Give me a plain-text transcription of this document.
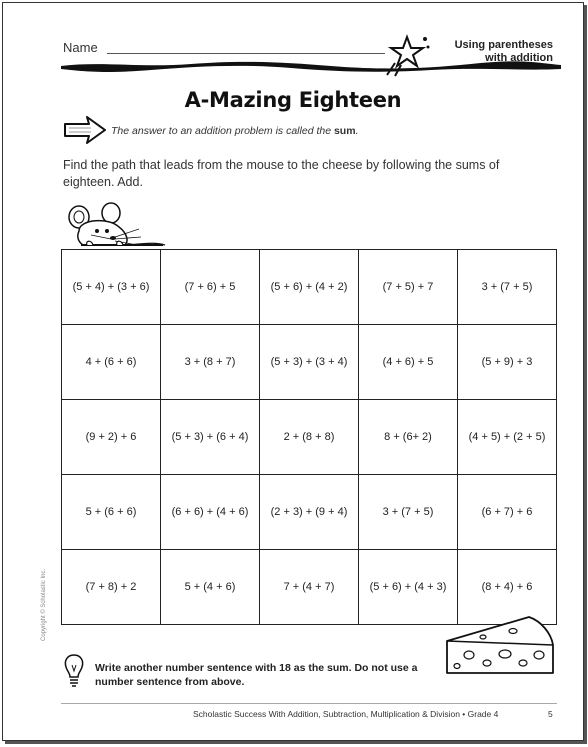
Name	Using parentheses
with addition
A-Mazing Eighteen
The answer to an addition problem is called the sum.
Find the path that leads from the mouse to the cheese by following the sums of eighteen. Add.
(5 + 4) + (3 + 6)	(7 + 6) + 5	(5 + 6) + (4 + 2)	(7 + 5) + 7	3 + (7 + 5)
4 + (6 + 6)	3 + (8 + 7)	(5 + 3) + (3 + 4)	(4 + 6) + 5	(5 + 9) + 3
(9 + 2) + 6	(5 + 3) + (6 + 4)	2 + (8 + 8)	8 + (6+ 2)	(4 + 5) + (2 + 5)
5 + (6 + 6)	(6 + 6) + (4 + 6)	(2 + 3) + (9 + 4)	3 + (7 + 5)	(6 + 7) + 6
(7 + 8) + 2	5 + (4 + 6)	7 + (4 + 7)	(5 + 6) + (4 + 3)	(8 + 4) + 6
Copyright © Scholastic Inc.
Write another number sentence with 18 as the sum. Do not use a number sentence from above.
Scholastic Success With Addition, Subtraction, Multiplication & Division • Grade 4	5
